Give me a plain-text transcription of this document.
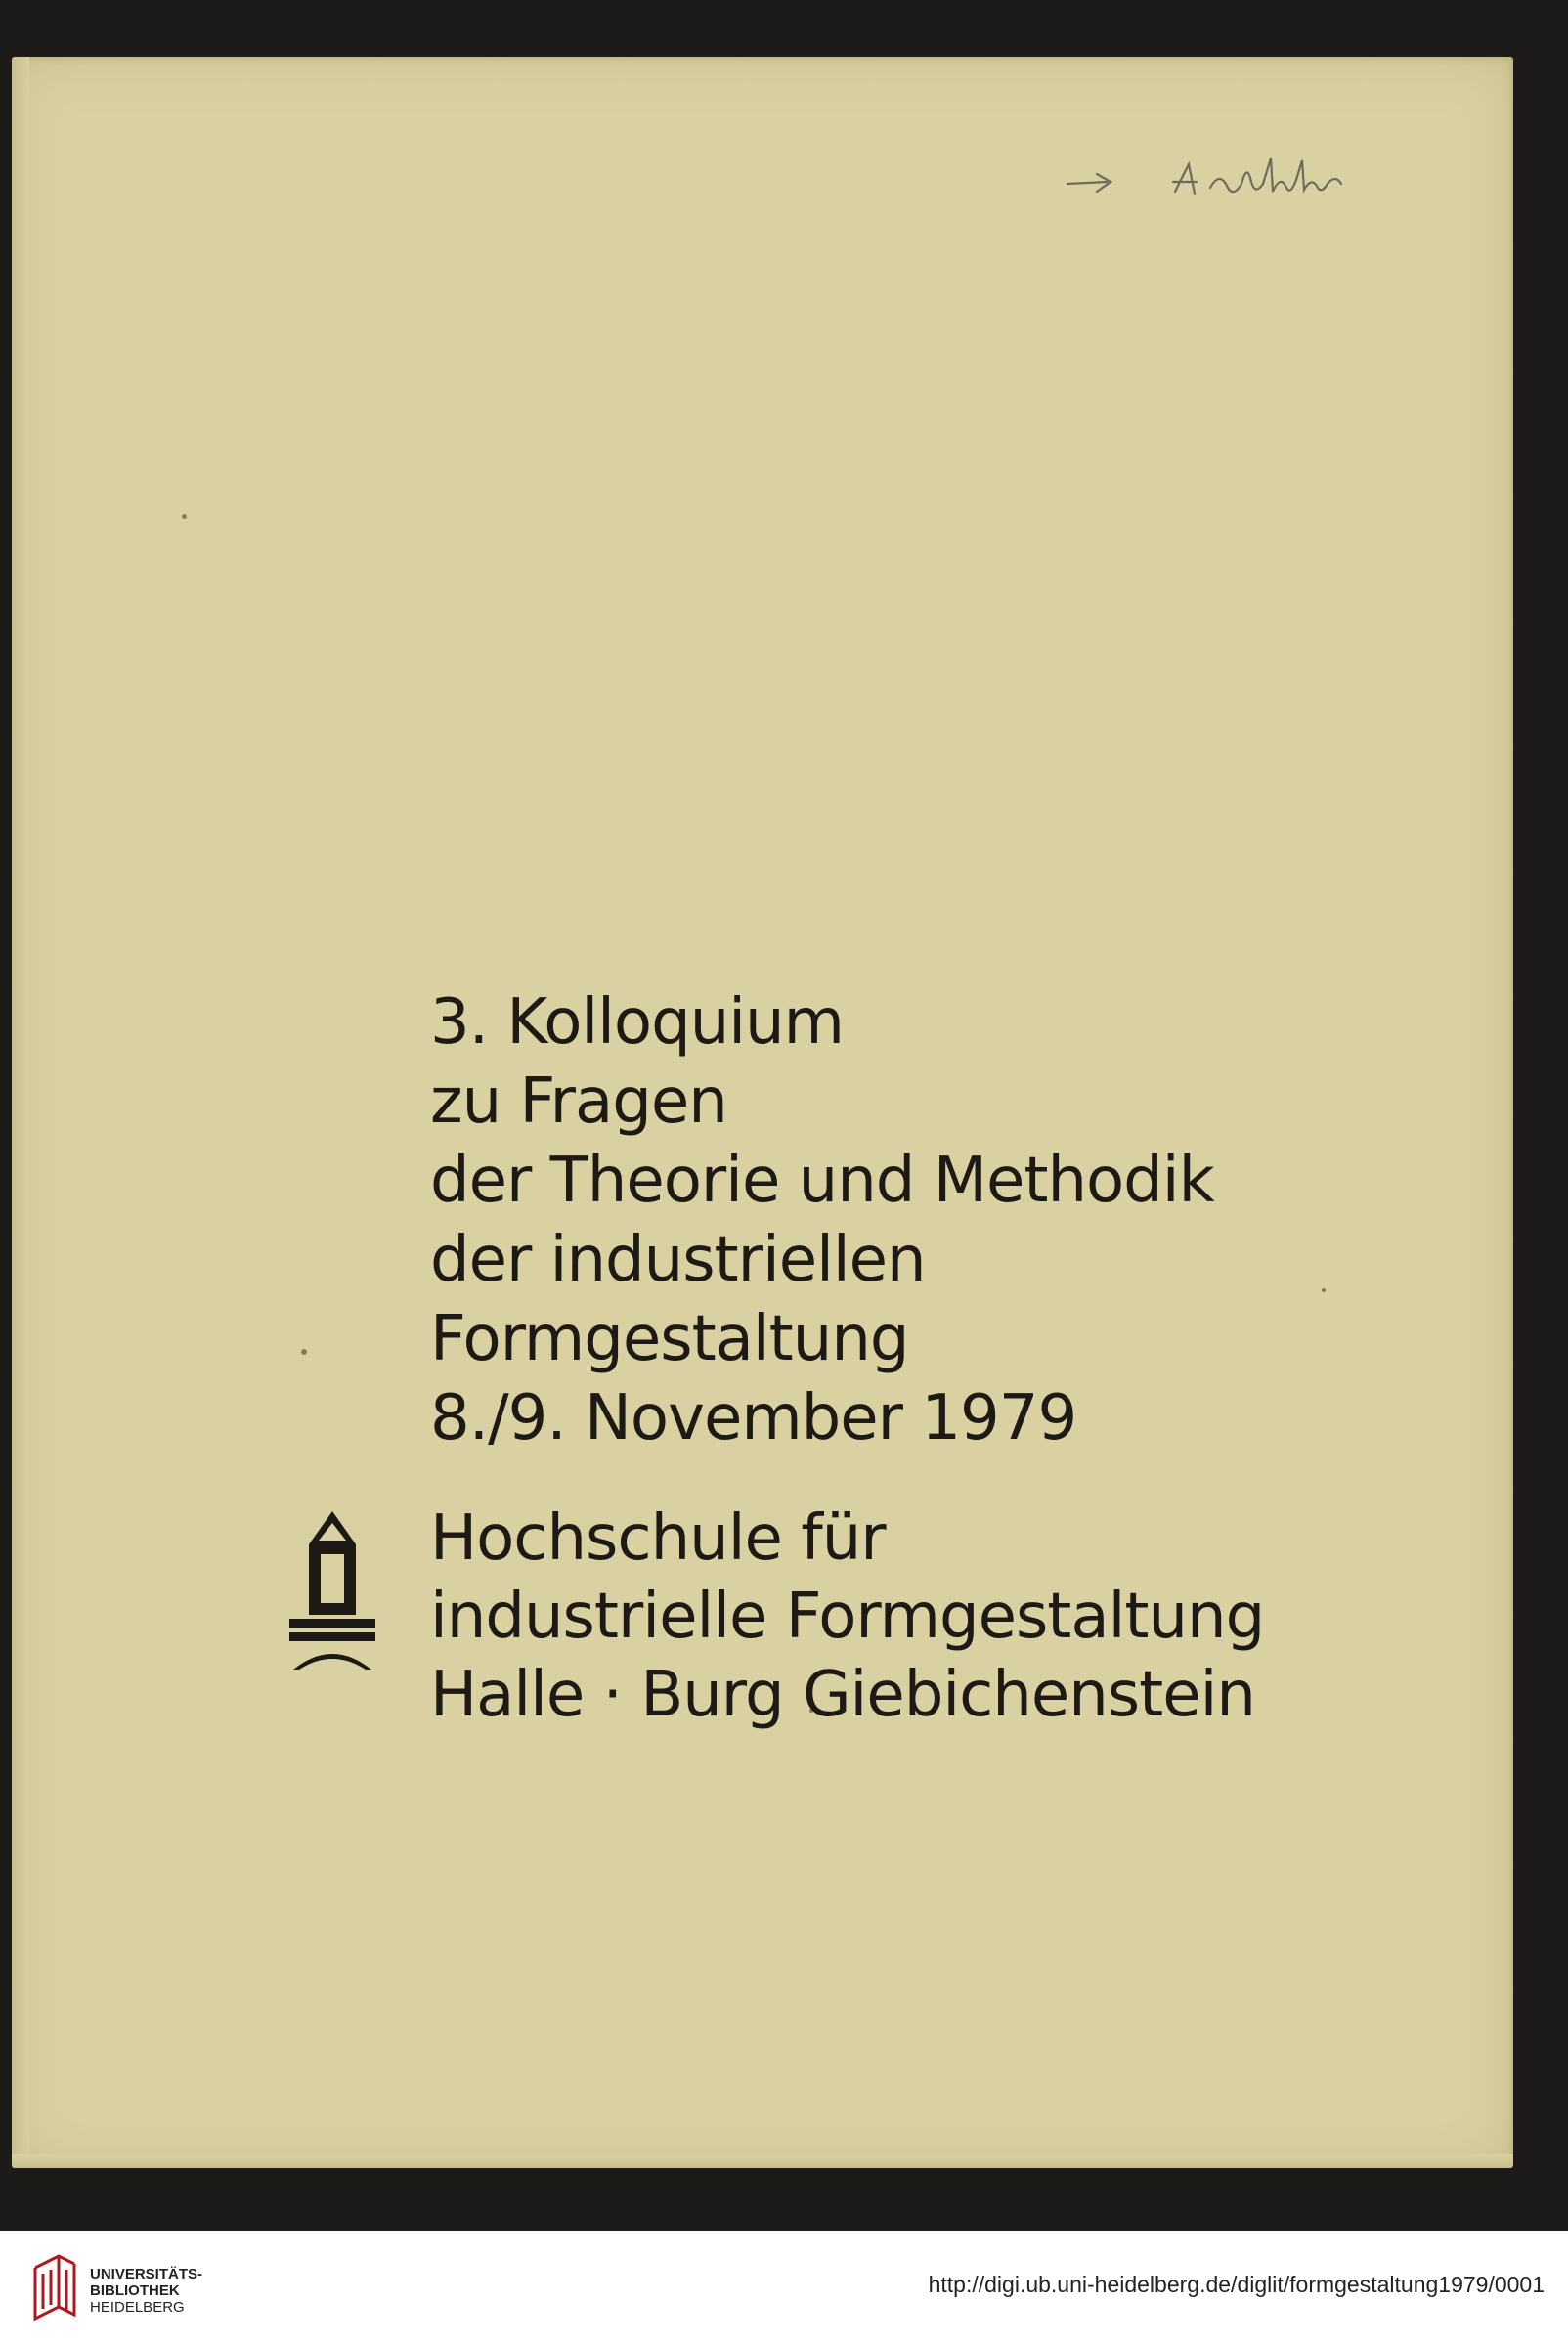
3. Kolloquium
zu Fragen
der Theorie und Methodik
der industriellen
Formgestaltung
8./9. November 1979
Hochschule für
industrielle Formgestaltung
Halle · Burg Giebichenstein
UNIVERSITÄTS-
BIBLIOTHEK
HEIDELBERG
http://digi.ub.uni-heidelberg.de/diglit/formgestaltung1979/0001
